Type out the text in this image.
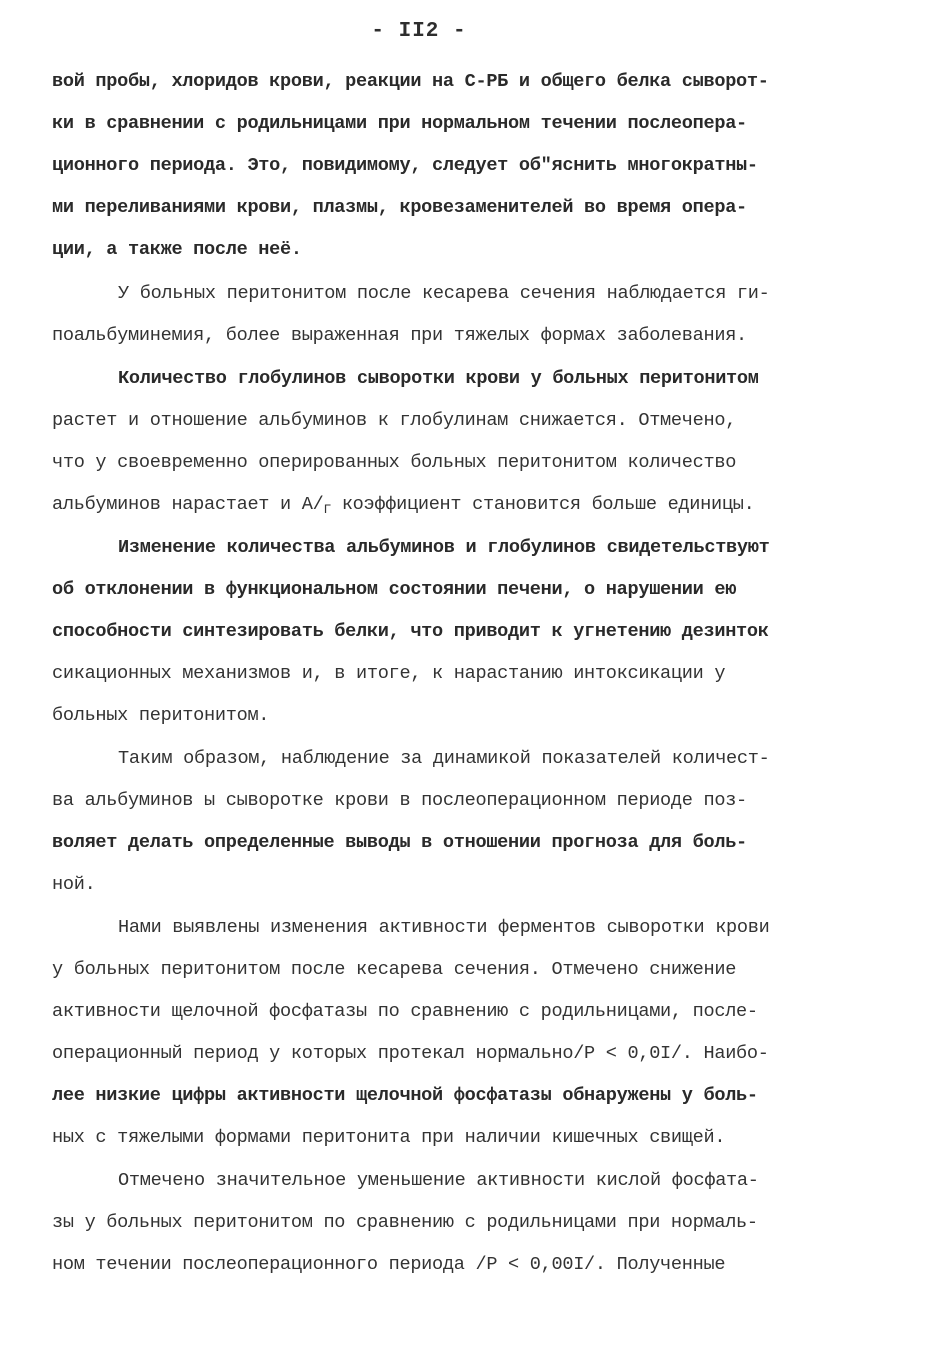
- II2 -
вой пробы, хлоридов крови, реакции на С-РБ и общего белка сыворот-
ки в сравнении с родильницами при нормальном течении послеопера-
ционного периода. Это, повидимому, следует об"яснить многократны-
ми переливаниями крови, плазмы, кровезаменителей во время опера-
ции, а также после неё.
У больных перитонитом после кесарева сечения наблюдается ги-
поальбуминемия, более выраженная при тяжелых формах заболевания.
Количество глобулинов сыворотки крови у больных перитонитом
растет и отношение альбуминов к глобулинам снижается. Отмечено,
что у своевременно оперированных больных перитонитом количество
альбуминов нарастает и $А/_Г$ коэффициент становится больше единицы.
Изменение количества альбуминов и глобулинов свидетельствуют
об отклонении в функциональном состоянии печени, о нарушении ею
способности синтезировать белки, что приводит к угнетению дезинток
сикационных механизмов и, в итоге, к нарастанию интоксикации у
больных перитонитом.
Таким образом, наблюдение за динамикой показателей количест-
ва альбуминов ы сыворотке крови в послеоперационном периоде поз-
воляет делать определенные выводы в отношении прогноза для боль-
ной.
Нами выявлены изменения активности ферментов сыворотки крови
у больных перитонитом после кесарева сечения. Отмечено снижение
активности щелочной фосфатазы по сравнению с родильницами, после-
операционный период у которых протекал нормально/Р < 0,0I/. Наибо-
лее низкие цифры активности щелочной фосфатазы обнаружены у боль-
ных с тяжелыми формами перитонита при наличии кишечных свищей.
Отмечено значительное уменьшение активности кислой фосфата-
зы у больных перитонитом по сравнению с родильницами при нормаль-
ном течении послеоперационного периода /Р < 0,00I/. Полученные
